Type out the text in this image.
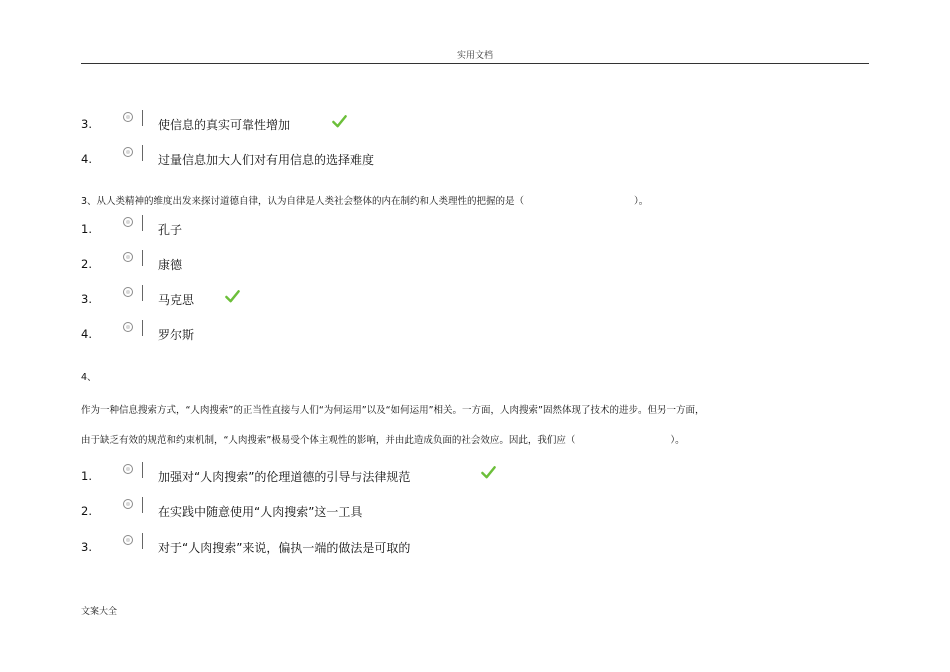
实用文档
3.	使信息的真实可靠性增加
4.	过量信息加大人们对有用信息的选择难度
3、从人类精神的维度出发来探讨道德自律，认为自律是人类社会整体的内在制约和人类理性的把握的是（	）。
1.	孔子
2.	康德
3.	马克思
4.	罗尔斯
4、
作为一种信息搜索方式，“人肉搜索”的正当性直接与人们“为何运用”以及“如何运用”相关。一方面，人肉搜索”固然体现了技术的进步。但另一方面，
由于缺乏有效的规范和约束机制，“人肉搜索”极易受个体主观性的影响，并由此造成负面的社会效应。因此，我们应（	）。
1.	加强对“人肉搜索”的伦理道德的引导与法律规范
2.	在实践中随意使用“人肉搜索”这一工具
3.	对于“人肉搜索”来说，偏执一端的做法是可取的
文案大全
